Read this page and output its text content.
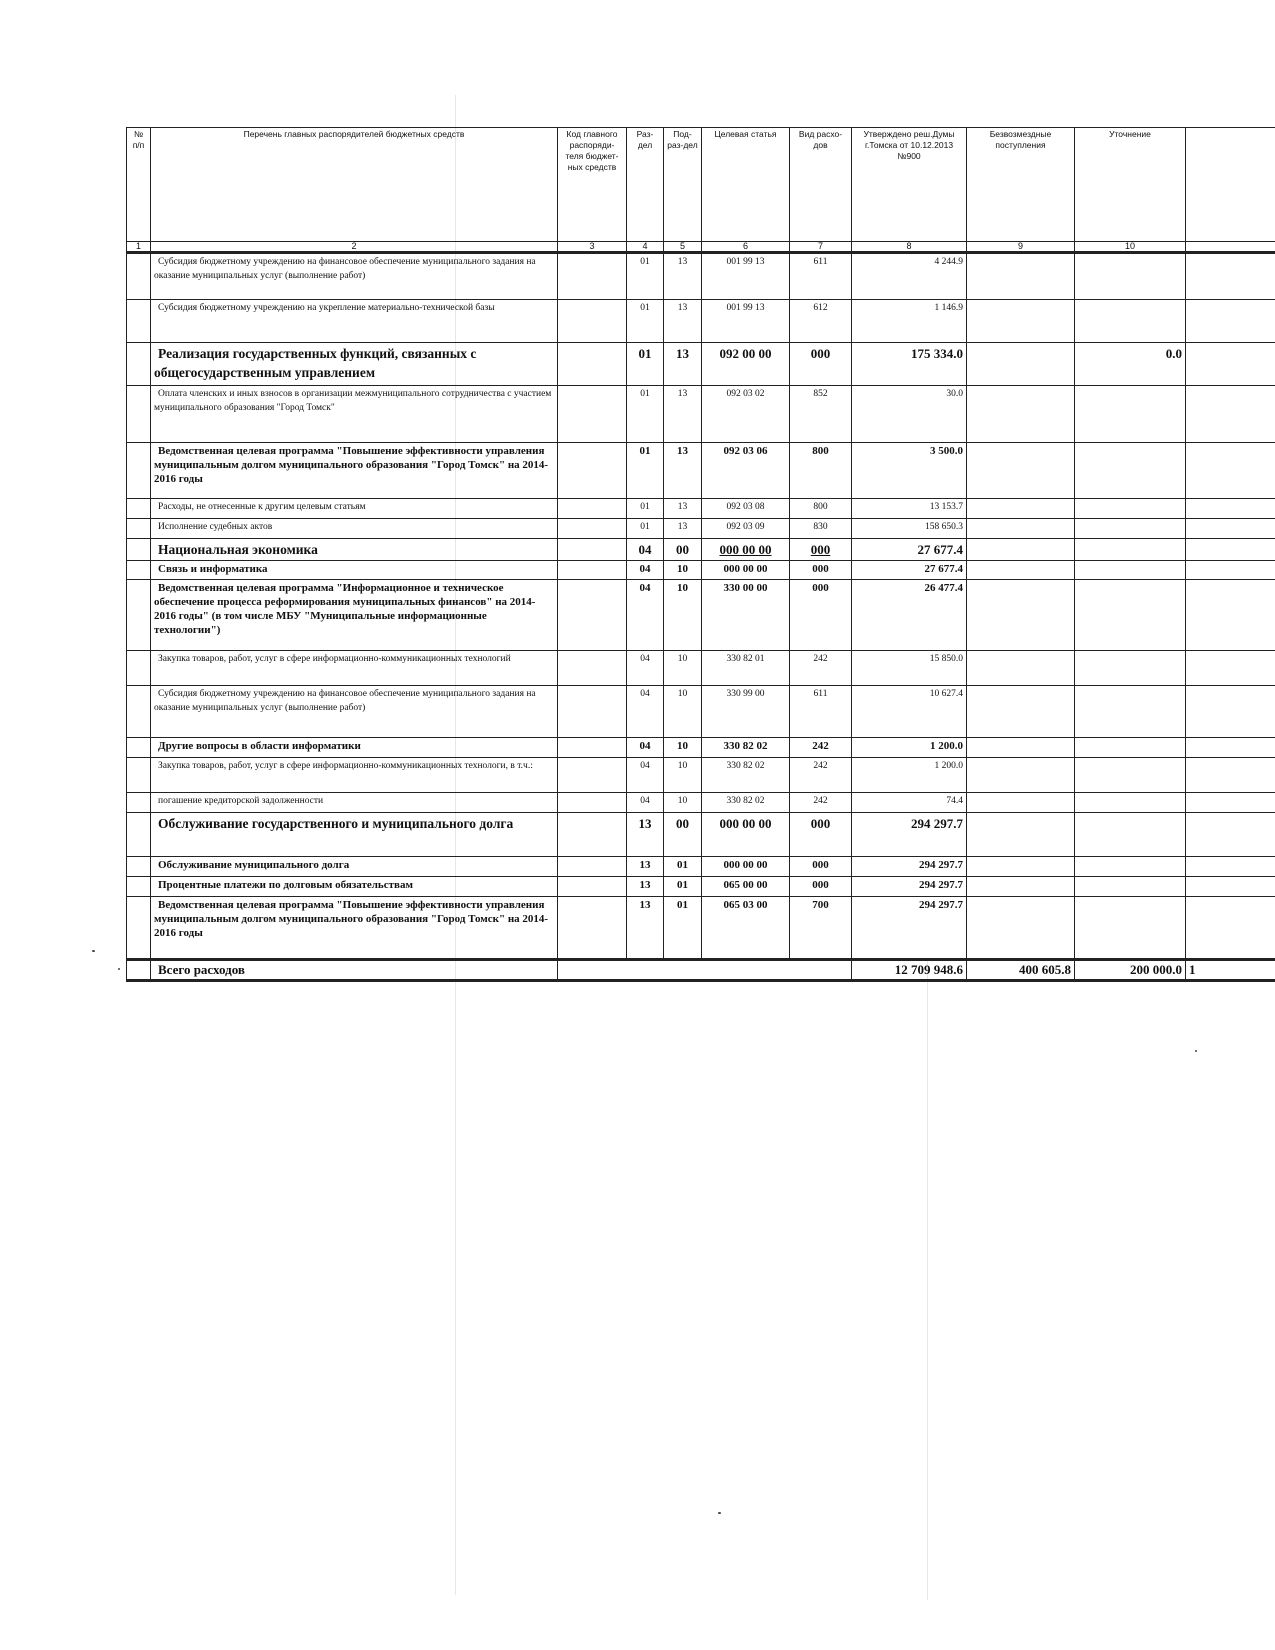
№ п/п	Перечень главных распорядителей бюджетных средств	Код главного распоряди-теля бюджет-ных средств	Раз-дел	Под-раз-дел	Целевая статья	Вид расхо-дов	Утверждено реш.Думы г.Томска от 10.12.2013 №900	Безвозмездные поступления	Уточнение	
1	2	3	4	5	6	7	8	9	10	
	Субсидия бюджетному учреждению на финансовое обеспечение муниципального задания на оказание муниципальных услуг (выполнение работ)		01	13	001 99 13	611	4 244.9			
	Субсидия бюджетному учреждению на укрепление материально-технической базы		01	13	001 99 13	612	1 146.9			
	Реализация государственных функций, связанных с общегосударственным управлением		01	13	092 00 00	000	175 334.0		0.0	
	Оплата членских и иных взносов в организации межмуниципального сотрудничества с участием муниципального образования "Город Томск"		01	13	092 03 02	852	30.0			
	Ведомственная целевая программа "Повышение эффективности управления муниципальным долгом муниципального образования "Город Томск" на 2014-2016 годы		01	13	092 03 06	800	3 500.0			
	Расходы, не отнесенные к другим целевым статьям		01	13	092 03 08	800	13 153.7			
	Исполнение судебных актов		01	13	092 03 09	830	158 650.3			
	Национальная экономика		04	00	000 00 00	000	27 677.4			
	Связь и информатика		04	10	000 00 00	000	27 677.4			
	Ведомственная целевая программа "Информационное и техническое обеспечение процесса реформирования муниципальных финансов" на 2014-2016 годы" (в том числе МБУ "Муниципальные информационные технологии")		04	10	330 00 00	000	26 477.4			
	Закупка товаров, работ, услуг в сфере информационно-коммуникационных технологий		04	10	330 82 01	242	15 850.0			
	Субсидия бюджетному учреждению на финансовое обеспечение муниципального задания на оказание муниципальных услуг (выполнение работ)		04	10	330 99 00	611	10 627.4			
	Другие вопросы в области информатики		04	10	330 82 02	242	1 200.0			
	Закупка товаров, работ, услуг в сфере информационно-коммуникационных технологи, в т.ч.:		04	10	330 82 02	242	1 200.0			
	погашение кредиторской задолженности		04	10	330 82 02	242	74.4			
	Обслуживание государственного и муниципального долга		13	00	000 00 00	000	294 297.7			
	Обслуживание муниципального долга		13	01	000 00 00	000	294 297.7			
	Процентные платежи по долговым обязательствам		13	01	065 00 00	000	294 297.7			
	Ведомственная целевая программа "Повышение эффективности управления муниципальным долгом муниципального образования "Город Томск" на 2014-2016 годы		13	01	065 03 00	700	294 297.7			
	Всего расходов						12 709 948.6	400 605.8	200 000.0	1
